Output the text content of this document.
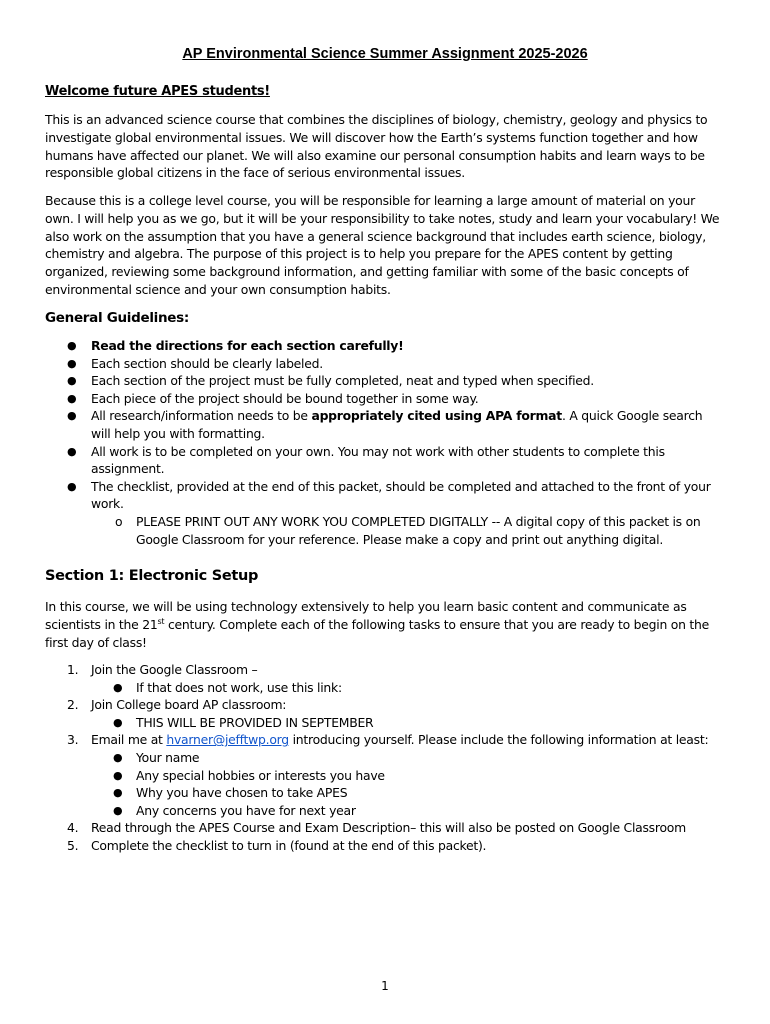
AP Environmental Science Summer Assignment 2025-2026
Welcome future APES students!

This is an advanced science course that combines the disciplines of biology, chemistry, geology and physics to investigate global environmental issues. We will discover how the Earth’s systems function together and how humans have affected our planet. We will also examine our personal consumption habits and learn ways to be responsible global citizens in the face of serious environmental issues.

Because this is a college level course, you will be responsible for learning a large amount of material on your own. I will help you as we go, but it will be your responsibility to take notes, study and learn your vocabulary! We also work on the assumption that you have a general science background that includes earth science, biology, chemistry and algebra. The purpose of this project is to help you prepare for the APES content by getting organized, reviewing some background information, and getting familiar with some of the basic concepts of environmental science and your own consumption habits.

General Guidelines:
● Read the directions for each section carefully!
● Each section should be clearly labeled.
● Each section of the project must be fully completed, neat and typed when specified.
● Each piece of the project should be bound together in some way.
● All research/information needs to be appropriately cited using APA format. A quick Google search will help you with formatting.
● All work is to be completed on your own. You may not work with other students to complete this assignment.
● The checklist, provided at the end of this packet, should be completed and attached to the front of your work.
o PLEASE PRINT OUT ANY WORK YOU COMPLETED DIGITALLY -- A digital copy of this packet is on Google Classroom for your reference. Please make a copy and print out anything digital.
Section 1: Electronic Setup

In this course, we will be using technology extensively to help you learn basic content and communicate as scientists in the 21st century. Complete each of the following tasks to ensure that you are ready to begin on the first day of class!

1. Join the Google Classroom –
● If that does not work, use this link:
2. Join College board AP classroom:
● THIS WILL BE PROVIDED IN SEPTEMBER
3. Email me at hvarner@jefftwp.org introducing yourself. Please include the following information at least:
● Your name
● Any special hobbies or interests you have
● Why you have chosen to take APES
● Any concerns you have for next year
4. Read through the APES Course and Exam Description– this will also be posted on Google Classroom
5. Complete the checklist to turn in (found at the end of this packet).
1
